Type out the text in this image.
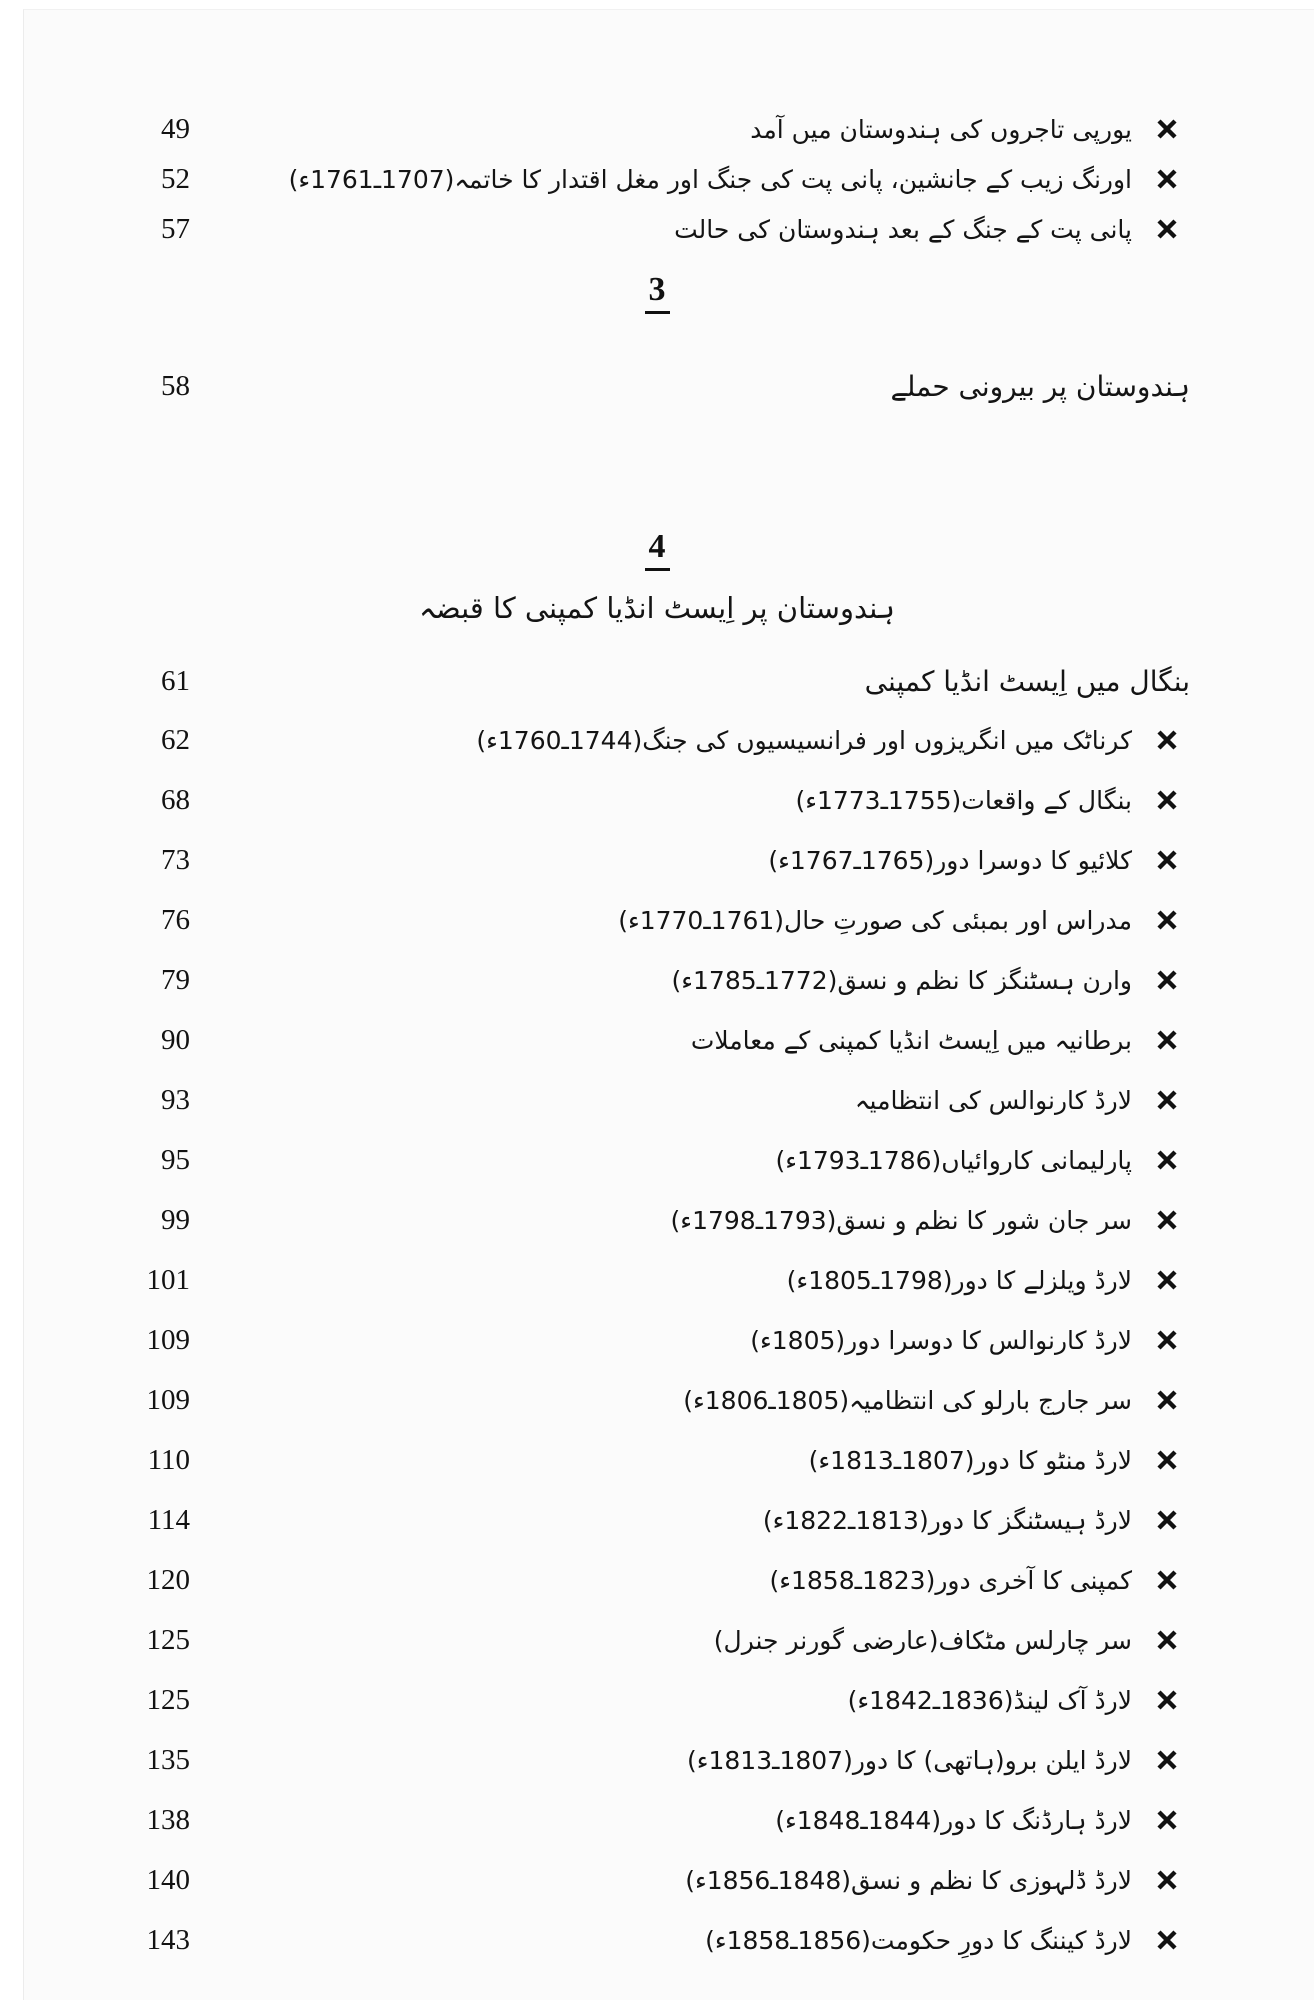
49	یورپی تاجروں کی ہندوستان میں آمد
52	اورنگ زیب کے جانشین، پانی پت کی جنگ اور مغل اقتدار کا خاتمہ(1707ـ1761ء)
57	پانی پت کے جنگ کے بعد ہندوستان کی حالت
3
58	ہندوستان پر بیرونی حملے
4
ہندوستان پر اِیسٹ انڈیا کمپنی کا قبضہ
61	بنگال میں اِیسٹ انڈیا کمپنی
62	کرناٹک میں انگریزوں اور فرانسیسیوں کی جنگ(1744ـ1760ء)
68	بنگال کے واقعات(1755ـ1773ء)
73	کلائیو کا دوسرا دور(1765ـ1767ء)
76	مدراس اور بمبئی کی صورتِ حال(1761ـ1770ء)
79	وارن ہسٹنگز کا نظم و نسق(1772ـ1785ء)
90	برطانیہ میں اِیسٹ انڈیا کمپنی کے معاملات
93	لارڈ کارنوالس کی انتظامیہ
95	پارلیمانی کاروائیاں(1786ـ1793ء)
99	سر جان شور کا نظم و نسق(1793ـ1798ء)
101	لارڈ ویلزلے کا دور(1798ـ1805ء)
109	لارڈ کارنوالس کا دوسرا دور(1805ء)
109	سر جارج بارلو کی انتظامیہ(1805ـ1806ء)
110	لارڈ منٹو کا دور(1807ـ1813ء)
114	لارڈ ہیسٹنگز کا دور(1813ـ1822ء)
120	کمپنی کا آخری دور(1823ـ1858ء)
125	سر چارلس مٹکاف(عارضی گورنر جنرل)
125	لارڈ آک لینڈ(1836ـ1842ء)
135	لارڈ ایلن برو(ہاتھی) کا دور(1807ـ1813ء)
138	لارڈ ہارڈنگ کا دور(1844ـ1848ء)
140	لارڈ ڈلہوزی کا نظم و نسق(1848ـ1856ء)
143	لارڈ کیننگ کا دورِ حکومت(1856ـ1858ء)
